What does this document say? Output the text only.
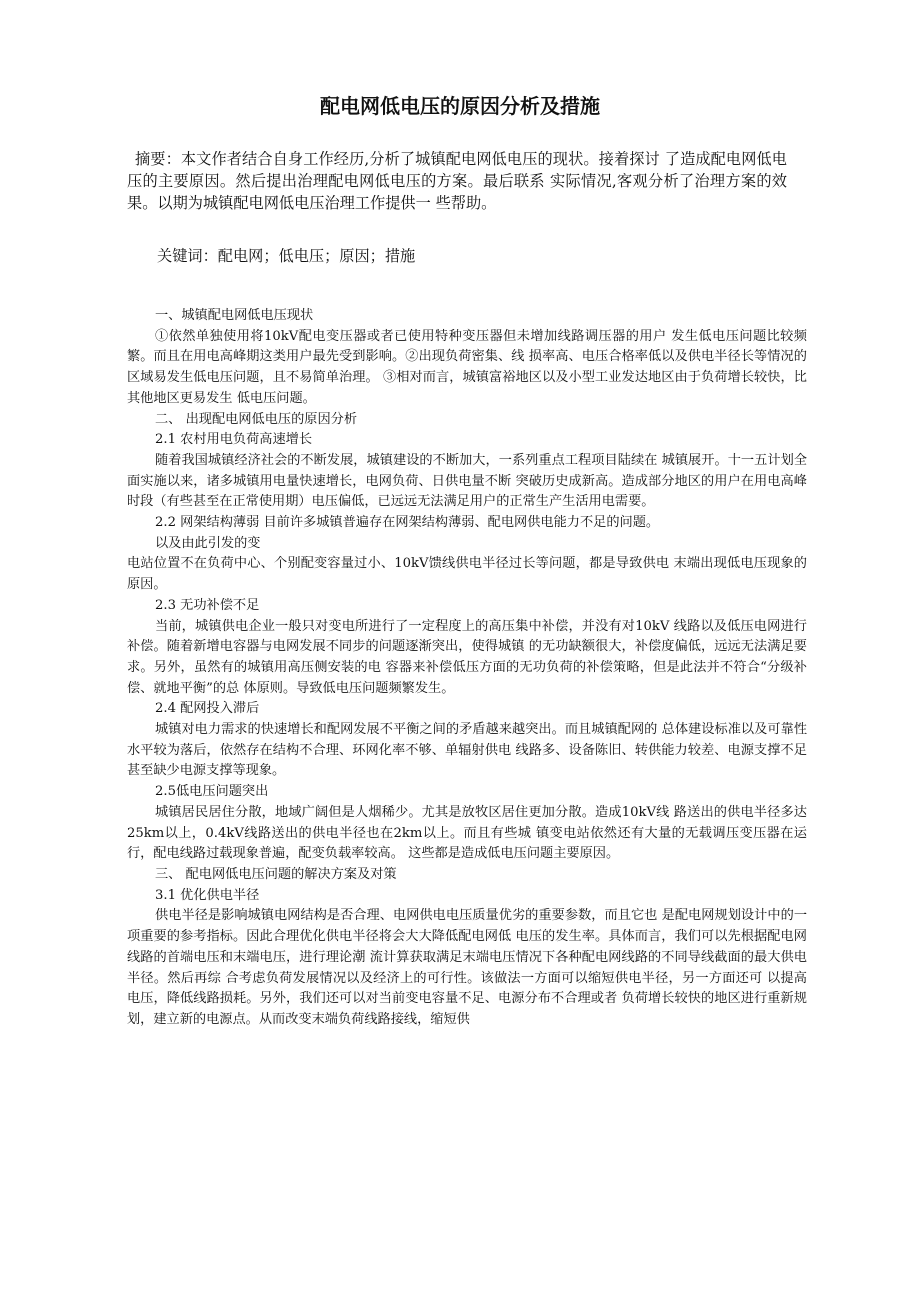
配电网低电压的原因分析及措施

摘要：本文作者结合自身工作经历,分析了城镇配电网低电压的现状。接着探讨 了造成配电网低电压的主要原因。然后提出治理配电网低电压的方案。最后联系 实际情况,客观分析了治理方案的效果。以期为城镇配电网低电压治理工作提供一 些帮助。

关键词：配电网；低电压；原因；措施

一、城镇配电网低电压现状

①依然单独使用将10kV配电变压器或者已使用特种变压器但未增加线路调压器的用户 发生低电压问题比较频繁。而且在用电高峰期这类用户最先受到影响。②出现负荷密集、线 损率高、电压合格率低以及供电半径长等情况的区域易发生低电压问题，且不易简单治理。 ③相对而言，城镇富裕地区以及小型工业发达地区由于负荷增长较快，比其他地区更易发生 低电压问题。

二、 出现配电网低电压的原因分析

2.1 农村用电负荷高速增长

随着我国城镇经济社会的不断发展，城镇建设的不断加大，一系列重点工程项目陆续在 城镇展开。十一五计划全面实施以来，诸多城镇用电量快速增长，电网负荷、日供电量不断 突破历史成新高。造成部分地区的用户在用电高峰时段（有些甚至在正常使用期）电压偏低，已远远无法满足用户的正常生产生活用电需要。

2.2 网架结构薄弱 目前许多城镇普遍存在网架结构薄弱、配电网供电能力不足的问题。

以及由此引发的变

电站位置不在负荷中心、个别配变容量过小、10kV馈线供电半径过长等问题，都是导致供电 末端出现低电压现象的原因。

2.3 无功补偿不足

当前，城镇供电企业一般只对变电所进行了一定程度上的高压集中补偿，并没有对10kV 线路以及低压电网进行补偿。随着新增电容器与电网发展不同步的问题逐渐突出，使得城镇 的无功缺额很大，补偿度偏低，远远无法满足要求。另外，虽然有的城镇用高压侧安装的电 容器来补偿低压方面的无功负荷的补偿策略，但是此法并不符合“分级补偿、就地平衡”的总 体原则。导致低电压问题频繁发生。

2.4 配网投入滞后

城镇对电力需求的快速增长和配网发展不平衡之间的矛盾越来越突出。而且城镇配网的 总体建设标准以及可靠性水平较为落后，依然存在结构不合理、环网化率不够、单辐射供电 线路多、设备陈旧、转供能力较差、电源支撑不足甚至缺少电源支撑等现象。

2.5低电压问题突出

城镇居民居住分散，地域广阔但是人烟稀少。尤其是放牧区居住更加分散。造成10kV线 路送出的供电半径多达25km以上，0.4kV线路送出的供电半径也在2km以上。而且有些城 镇变电站依然还有大量的无载调压变压器在运行，配电线路过载现象普遍，配变负载率较高。 这些都是造成低电压问题主要原因。

三、 配电网低电压问题的解决方案及对策

3.1 优化供电半径

供电半径是影响城镇电网结构是否合理、电网供电电压质量优劣的重要参数，而且它也 是配电网规划设计中的一项重要的参考指标。因此合理优化供电半径将会大大降低配电网低 电压的发生率。具体而言，我们可以先根据配电网线路的首端电压和末端电压，进行理论潮 流计算获取满足末端电压情况下各种配电网线路的不同导线截面的最大供电半径。然后再综 合考虑负荷发展情况以及经济上的可行性。该做法一方面可以缩短供电半径，另一方面还可 以提高电压，降低线路损耗。另外，我们还可以对当前变电容量不足、电源分布不合理或者 负荷增长较快的地区进行重新规划，建立新的电源点。从而改变末端负荷线路接线，缩短供
